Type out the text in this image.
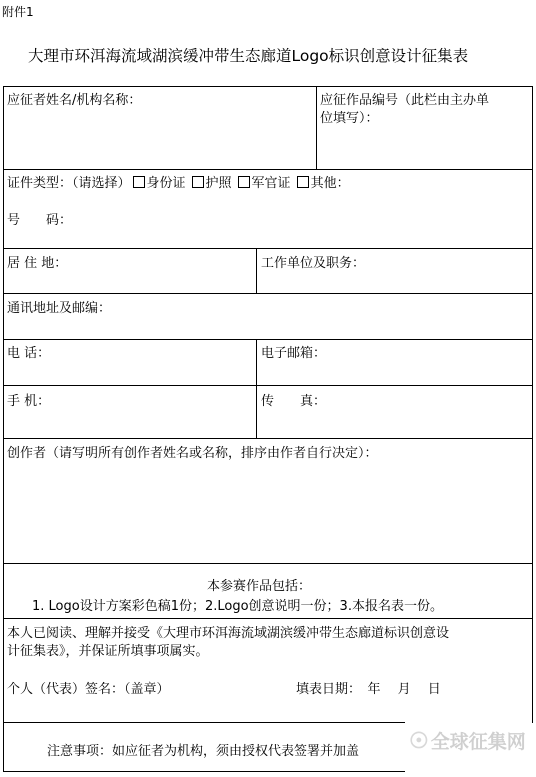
附件1
大理市环洱海流域湖滨缓冲带生态廊道Logo标识创意设计征集表
应征者姓名/机构名称：	应征作品编号（此栏由主办单
位填写）：
证件类型：（请选择） 身份证 护照 军官证 其他：
号　　码：
居 住 地：	工作单位及职务：
通讯地址及邮编：
电 话：	电子邮箱：
手 机：	传　　真：
创作者（请写明所有创作者姓名或名称，排序由作者自行决定）：
本参赛作品包括：
1. Logo设计方案彩色稿1份；2.Logo创意说明一份；3.本报名表一份。
本人已阅读、理解并接受《大理市环洱海流域湖滨缓冲带生态廊道标识创意设
计征集表》，并保证所填事项属实。
个人（代表）签名：（盖章）	填表日期：　年　 月 　日
注意事项：如应征者为机构，须由授权代表签署并加盖 ☉ 全球征集网
